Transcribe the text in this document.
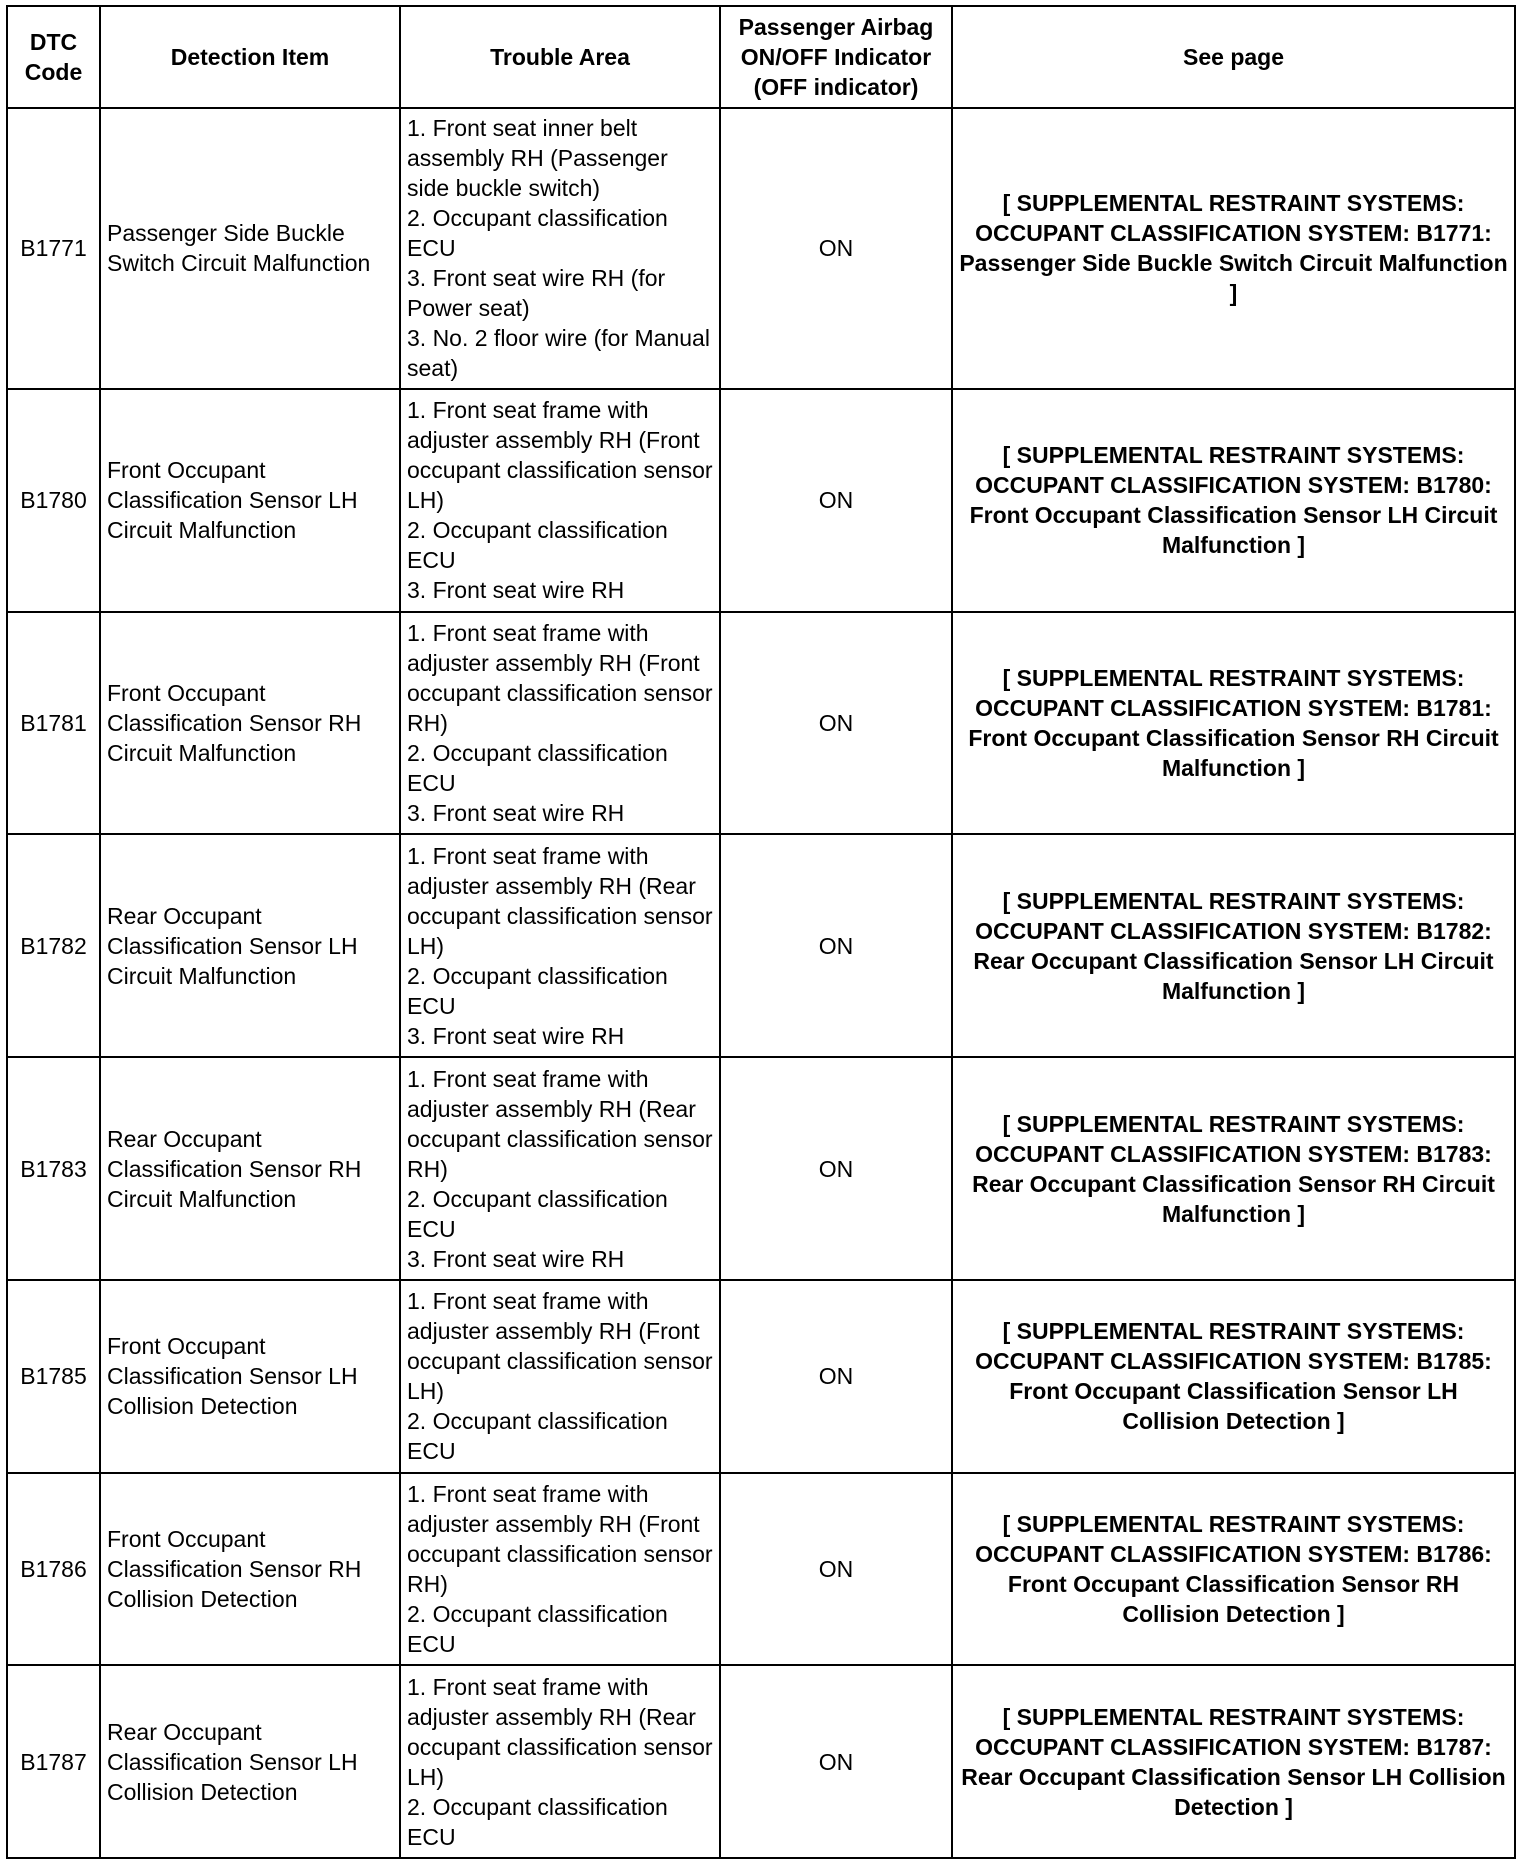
DTC Code	Detection Item	Trouble Area	Passenger Airbag ON/OFF Indicator (OFF indicator)	See page
B1771	Passenger Side Buckle Switch Circuit Malfunction	1. Front seat inner belt assembly RH (Passenger side buckle switch)
2. Occupant classification ECU
3. Front seat wire RH (for Power seat)
3. No. 2 floor wire (for Manual seat)	ON	[ SUPPLEMENTAL RESTRAINT SYSTEMS: OCCUPANT CLASSIFICATION SYSTEM: B1771: Passenger Side Buckle Switch Circuit Malfunction ]
B1780	Front Occupant Classification Sensor LH Circuit Malfunction	1. Front seat frame with adjuster assembly RH (Front occupant classification sensor LH)
2. Occupant classification ECU
3. Front seat wire RH	ON	[ SUPPLEMENTAL RESTRAINT SYSTEMS: OCCUPANT CLASSIFICATION SYSTEM: B1780: Front Occupant Classification Sensor LH Circuit Malfunction ]
B1781	Front Occupant Classification Sensor RH Circuit Malfunction	1. Front seat frame with adjuster assembly RH (Front occupant classification sensor RH)
2. Occupant classification ECU
3. Front seat wire RH	ON	[ SUPPLEMENTAL RESTRAINT SYSTEMS: OCCUPANT CLASSIFICATION SYSTEM: B1781: Front Occupant Classification Sensor RH Circuit Malfunction ]
B1782	Rear Occupant Classification Sensor LH Circuit Malfunction	1. Front seat frame with adjuster assembly RH (Rear occupant classification sensor LH)
2. Occupant classification ECU
3. Front seat wire RH	ON	[ SUPPLEMENTAL RESTRAINT SYSTEMS: OCCUPANT CLASSIFICATION SYSTEM: B1782: Rear Occupant Classification Sensor LH Circuit Malfunction ]
B1783	Rear Occupant Classification Sensor RH Circuit Malfunction	1. Front seat frame with adjuster assembly RH (Rear occupant classification sensor RH)
2. Occupant classification ECU
3. Front seat wire RH	ON	[ SUPPLEMENTAL RESTRAINT SYSTEMS: OCCUPANT CLASSIFICATION SYSTEM: B1783: Rear Occupant Classification Sensor RH Circuit Malfunction ]
B1785	Front Occupant Classification Sensor LH Collision Detection	1. Front seat frame with adjuster assembly RH (Front occupant classification sensor LH)
2. Occupant classification ECU	ON	[ SUPPLEMENTAL RESTRAINT SYSTEMS: OCCUPANT CLASSIFICATION SYSTEM: B1785: Front Occupant Classification Sensor LH Collision Detection ]
B1786	Front Occupant Classification Sensor RH Collision Detection	1. Front seat frame with adjuster assembly RH (Front occupant classification sensor RH)
2. Occupant classification ECU	ON	[ SUPPLEMENTAL RESTRAINT SYSTEMS: OCCUPANT CLASSIFICATION SYSTEM: B1786: Front Occupant Classification Sensor RH Collision Detection ]
B1787	Rear Occupant Classification Sensor LH Collision Detection	1. Front seat frame with adjuster assembly RH (Rear occupant classification sensor LH)
2. Occupant classification ECU	ON	[ SUPPLEMENTAL RESTRAINT SYSTEMS: OCCUPANT CLASSIFICATION SYSTEM: B1787: Rear Occupant Classification Sensor LH Collision Detection ]
